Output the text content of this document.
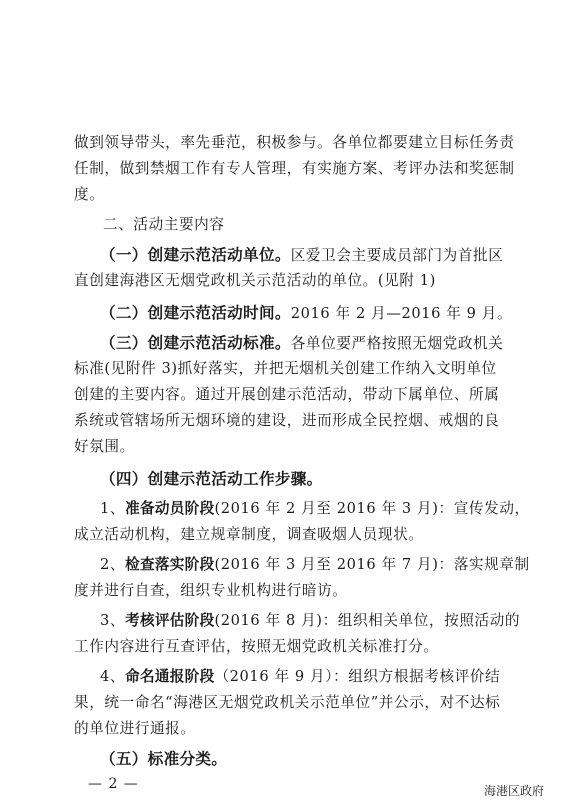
做到领导带头，率先垂范，积极参与。各单位都要建立目标任务责
任制，做到禁烟工作有专人管理，有实施方案、考评办法和奖惩制
度。
二、活动主要内容
（一）创建示范活动单位。区爱卫会主要成员部门为首批区
直创建海港区无烟党政机关示范活动的单位。(见附 1)
（二）创建示范活动时间。2016 年 2 月—2016 年 9 月。
（三）创建示范活动标准。各单位要严格按照无烟党政机关
标准(见附件 3)抓好落实，并把无烟机关创建工作纳入文明单位
创建的主要内容。通过开展创建示范活动，带动下属单位、所属
系统或管辖场所无烟环境的建设，进而形成全民控烟、戒烟的良
好氛围。
（四）创建示范活动工作步骤。
1、准备动员阶段(2016 年 2 月至 2016 年 3 月)：宣传发动，
成立活动机构，建立规章制度，调查吸烟人员现状。
2、检查落实阶段(2016 年 3 月至 2016 年 7 月)：落实规章制
度并进行自查，组织专业机构进行暗访。
3、考核评估阶段(2016 年 8 月)：组织相关单位，按照活动的
工作内容进行互查评估，按照无烟党政机关标准打分。
4、命名通报阶段（2016 年 9 月）：组织方根据考核评价结
果，统一命名“海港区无烟党政机关示范单位”并公示，对不达标
的单位进行通报。
（五）标准分类。
— 2 —	海港区政府
